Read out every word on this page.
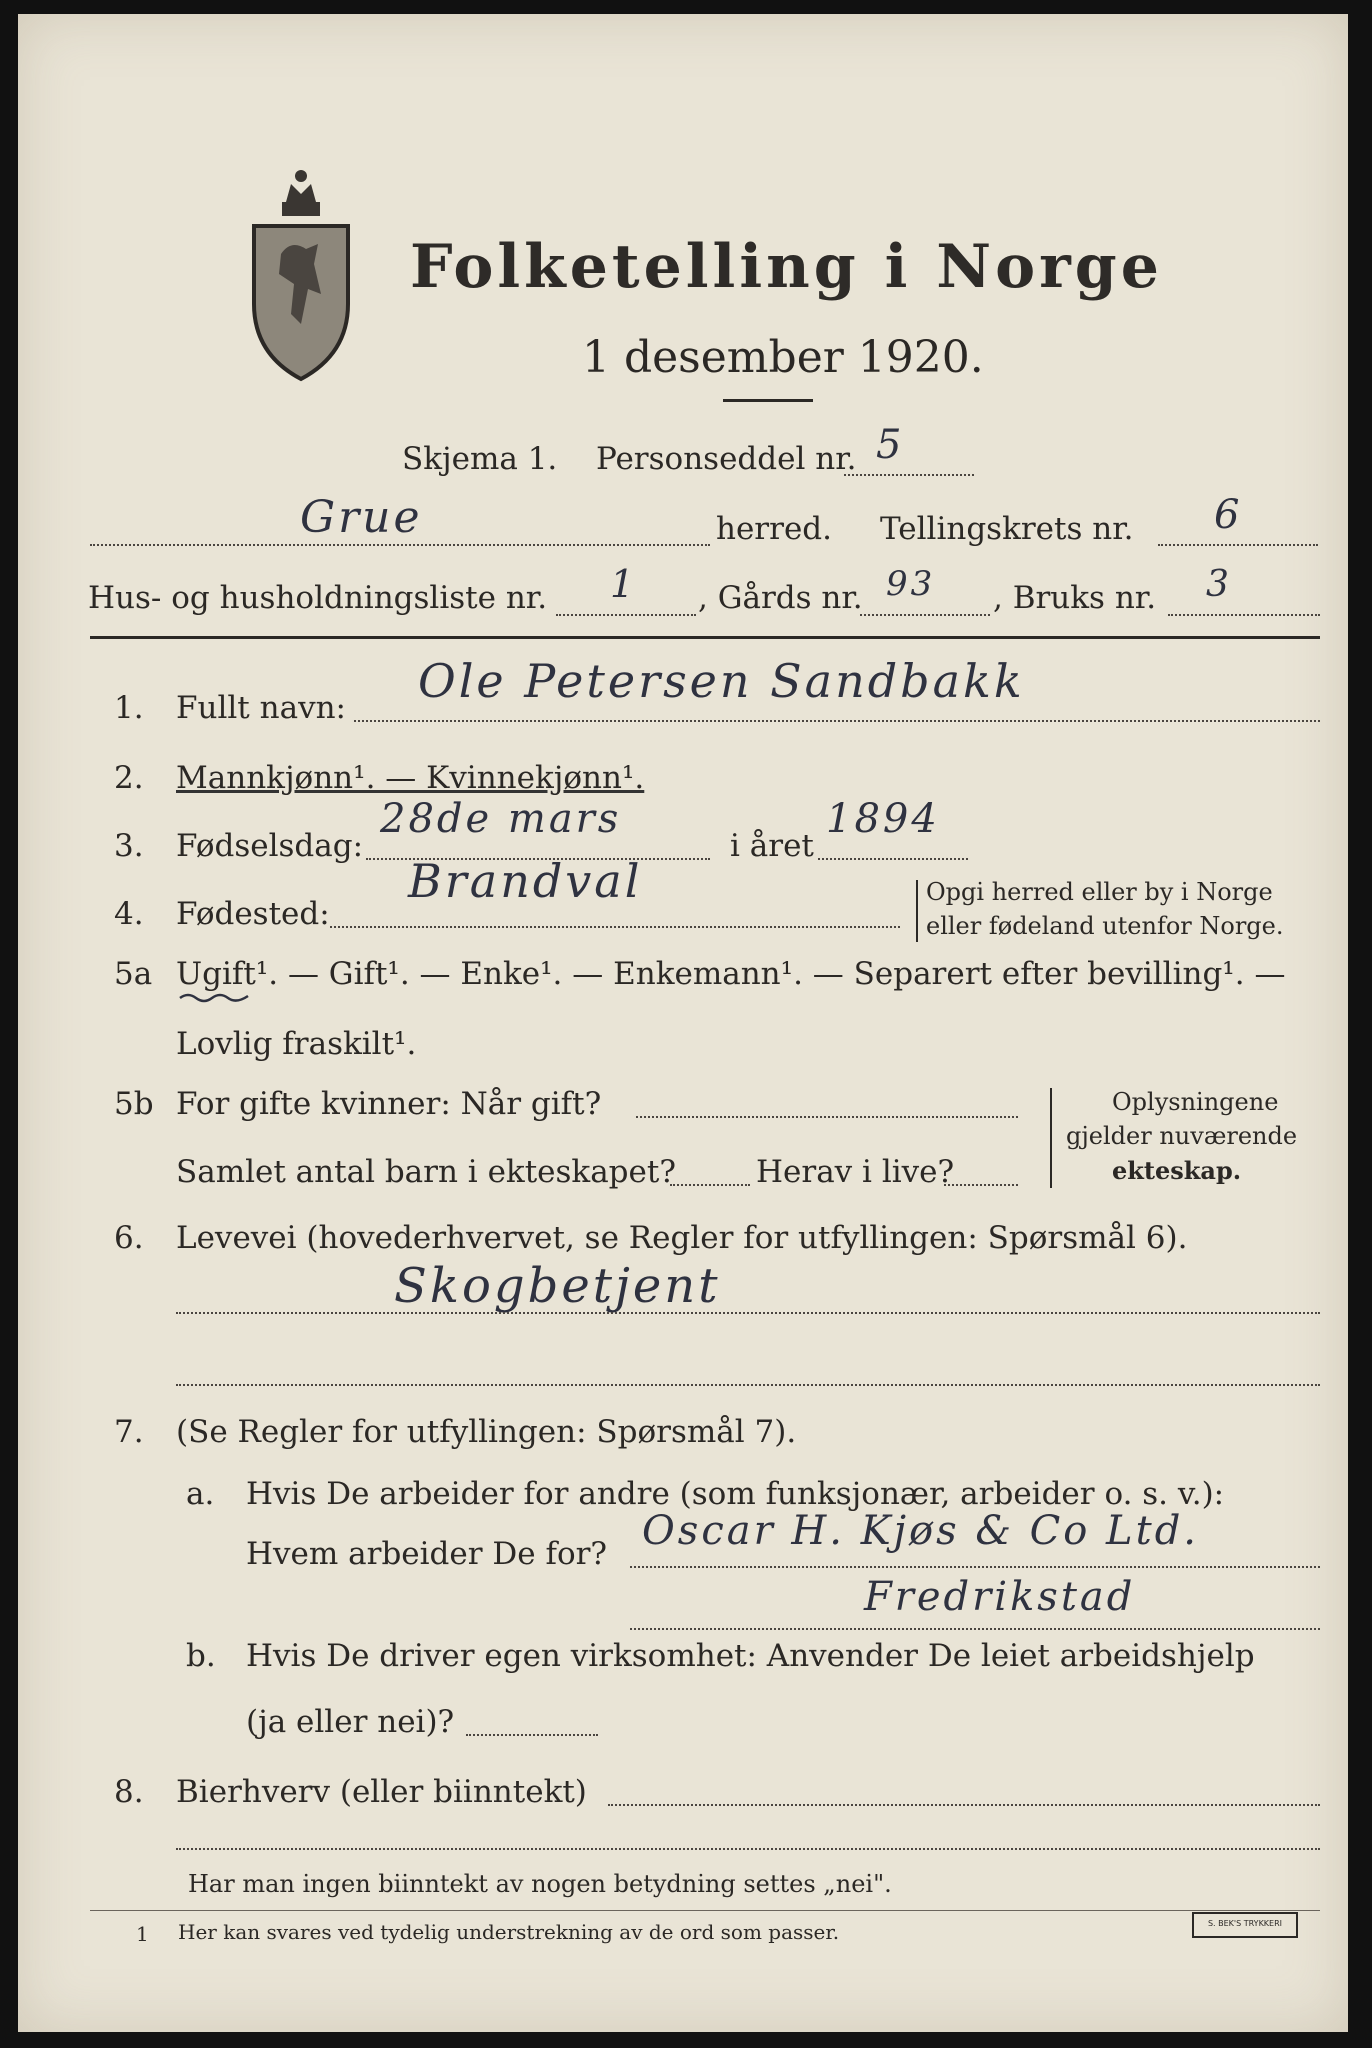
Folketelling i Norge
1 desember 1920.
Skjema 1. Personseddel nr. 5
Grue	herred. Tellingskrets nr. 6
Hus- og husholdningsliste nr. 1 , Gårds nr. 93 , Bruks nr. 3
1. Fullt navn: Ole Petersen Sandbakk
2. Mannkjønn¹. — Kvinnekjønn¹.
3. Fødselsdag:
28de mars
i året
1894
4. Fødested:
Brandval	Opgi herred eller by i Norge
eller fødeland utenfor Norge.
5a Ugift¹. — Gift¹. — Enke¹. — Enkemann¹. — Separert efter bevilling¹. —
Lovlig fraskilt¹.
5b For gifte kvinner: Når gift?
Samlet antal barn i ekteskapet?	Herav i live?
Oplysningene
gjelder nuværende
ekteskap.
6. Levevei (hovederhvervet, se Regler for utfyllingen: Spørsmål 6).
Skogbetjent
7. (Se Regler for utfyllingen: Spørsmål 7).
a. Hvis De arbeider for andre (som funksjonær, arbeider o. s. v.):
Hvem arbeider De for? Oscar H. Kjøs & Co Ltd.
Fredrikstad
b. Hvis De driver egen virksomhet: Anvender De leiet arbeidshjelp
(ja eller nei)?
8. Bierhverv (eller biinntekt)
Har man ingen biinntekt av nogen betydning settes „nei".
1 Her kan svares ved tydelig understrekning av de ord som passer.	S. BEK'S TRYKKERI
